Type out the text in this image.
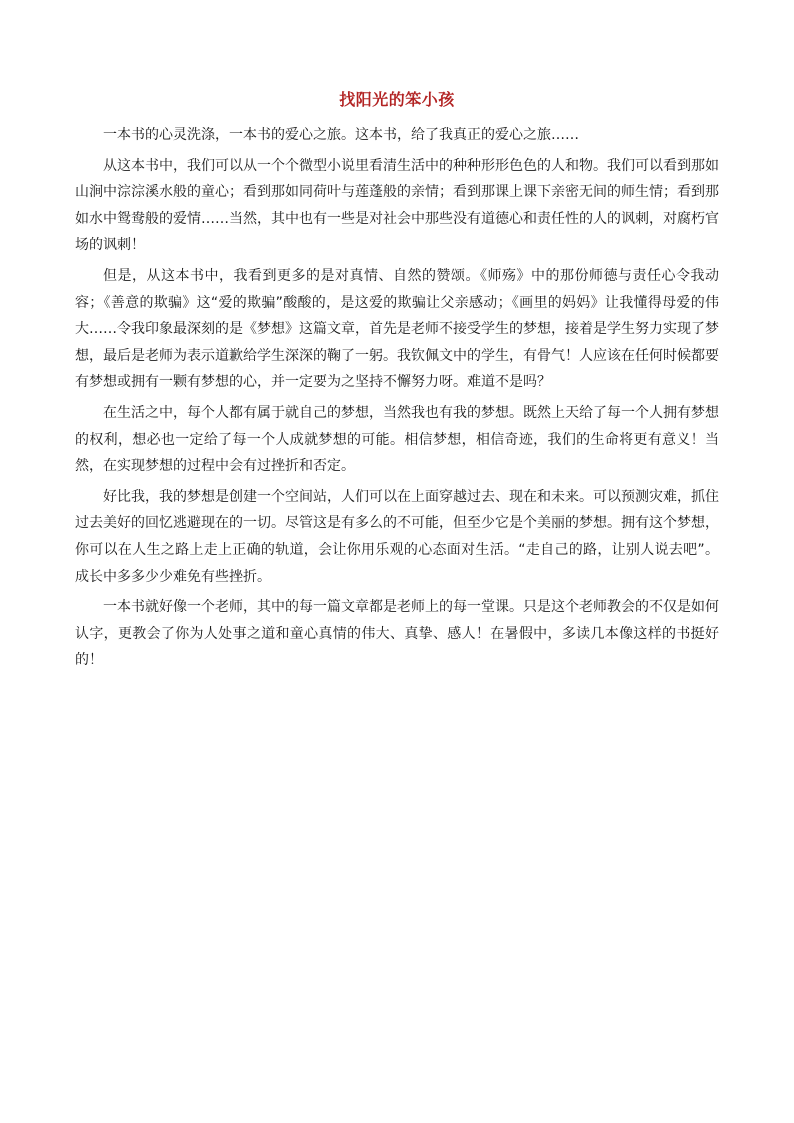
找阳光的笨小孩

一本书的心灵洗涤，一本书的爱心之旅。这本书，给了我真正的爱心之旅……

从这本书中，我们可以从一个个微型小说里看清生活中的种种形形色色的人和物。我们可以看到那如山涧中淙淙溪水般的童心；看到那如同荷叶与莲蓬般的亲情；看到那课上课下亲密无间的师生情；看到那如水中鸳鸯般的爱情……当然，其中也有一些是对社会中那些没有道德心和责任性的人的讽刺，对腐朽官场的讽刺！

但是，从这本书中，我看到更多的是对真情、自然的赞颂。《师殇》中的那份师德与责任心令我动容；《善意的欺骗》这“爱的欺骗”酸酸的，是这爱的欺骗让父亲感动；《画里的妈妈》让我懂得母爱的伟大……令我印象最深刻的是《梦想》这篇文章，首先是老师不接受学生的梦想，接着是学生努力实现了梦想，最后是老师为表示道歉给学生深深的鞠了一躬。我钦佩文中的学生，有骨气！人应该在任何时候都要有梦想或拥有一颗有梦想的心，并一定要为之坚持不懈努力呀。难道不是吗？

在生活之中，每个人都有属于就自己的梦想，当然我也有我的梦想。既然上天给了每一个人拥有梦想的权利，想必也一定给了每一个人成就梦想的可能。相信梦想，相信奇迹，我们的生命将更有意义！当然，在实现梦想的过程中会有过挫折和否定。

好比我，我的梦想是创建一个空间站，人们可以在上面穿越过去、现在和未来。可以预测灾难，抓住过去美好的回忆逃避现在的一切。尽管这是有多么的不可能，但至少它是个美丽的梦想。拥有这个梦想，你可以在人生之路上走上正确的轨道，会让你用乐观的心态面对生活。“走自己的路，让别人说去吧”。成长中多多少少难免有些挫折。

一本书就好像一个老师，其中的每一篇文章都是老师上的每一堂课。只是这个老师教会的不仅是如何认字，更教会了你为人处事之道和童心真情的伟大、真挚、感人！在暑假中，多读几本像这样的书挺好的！
